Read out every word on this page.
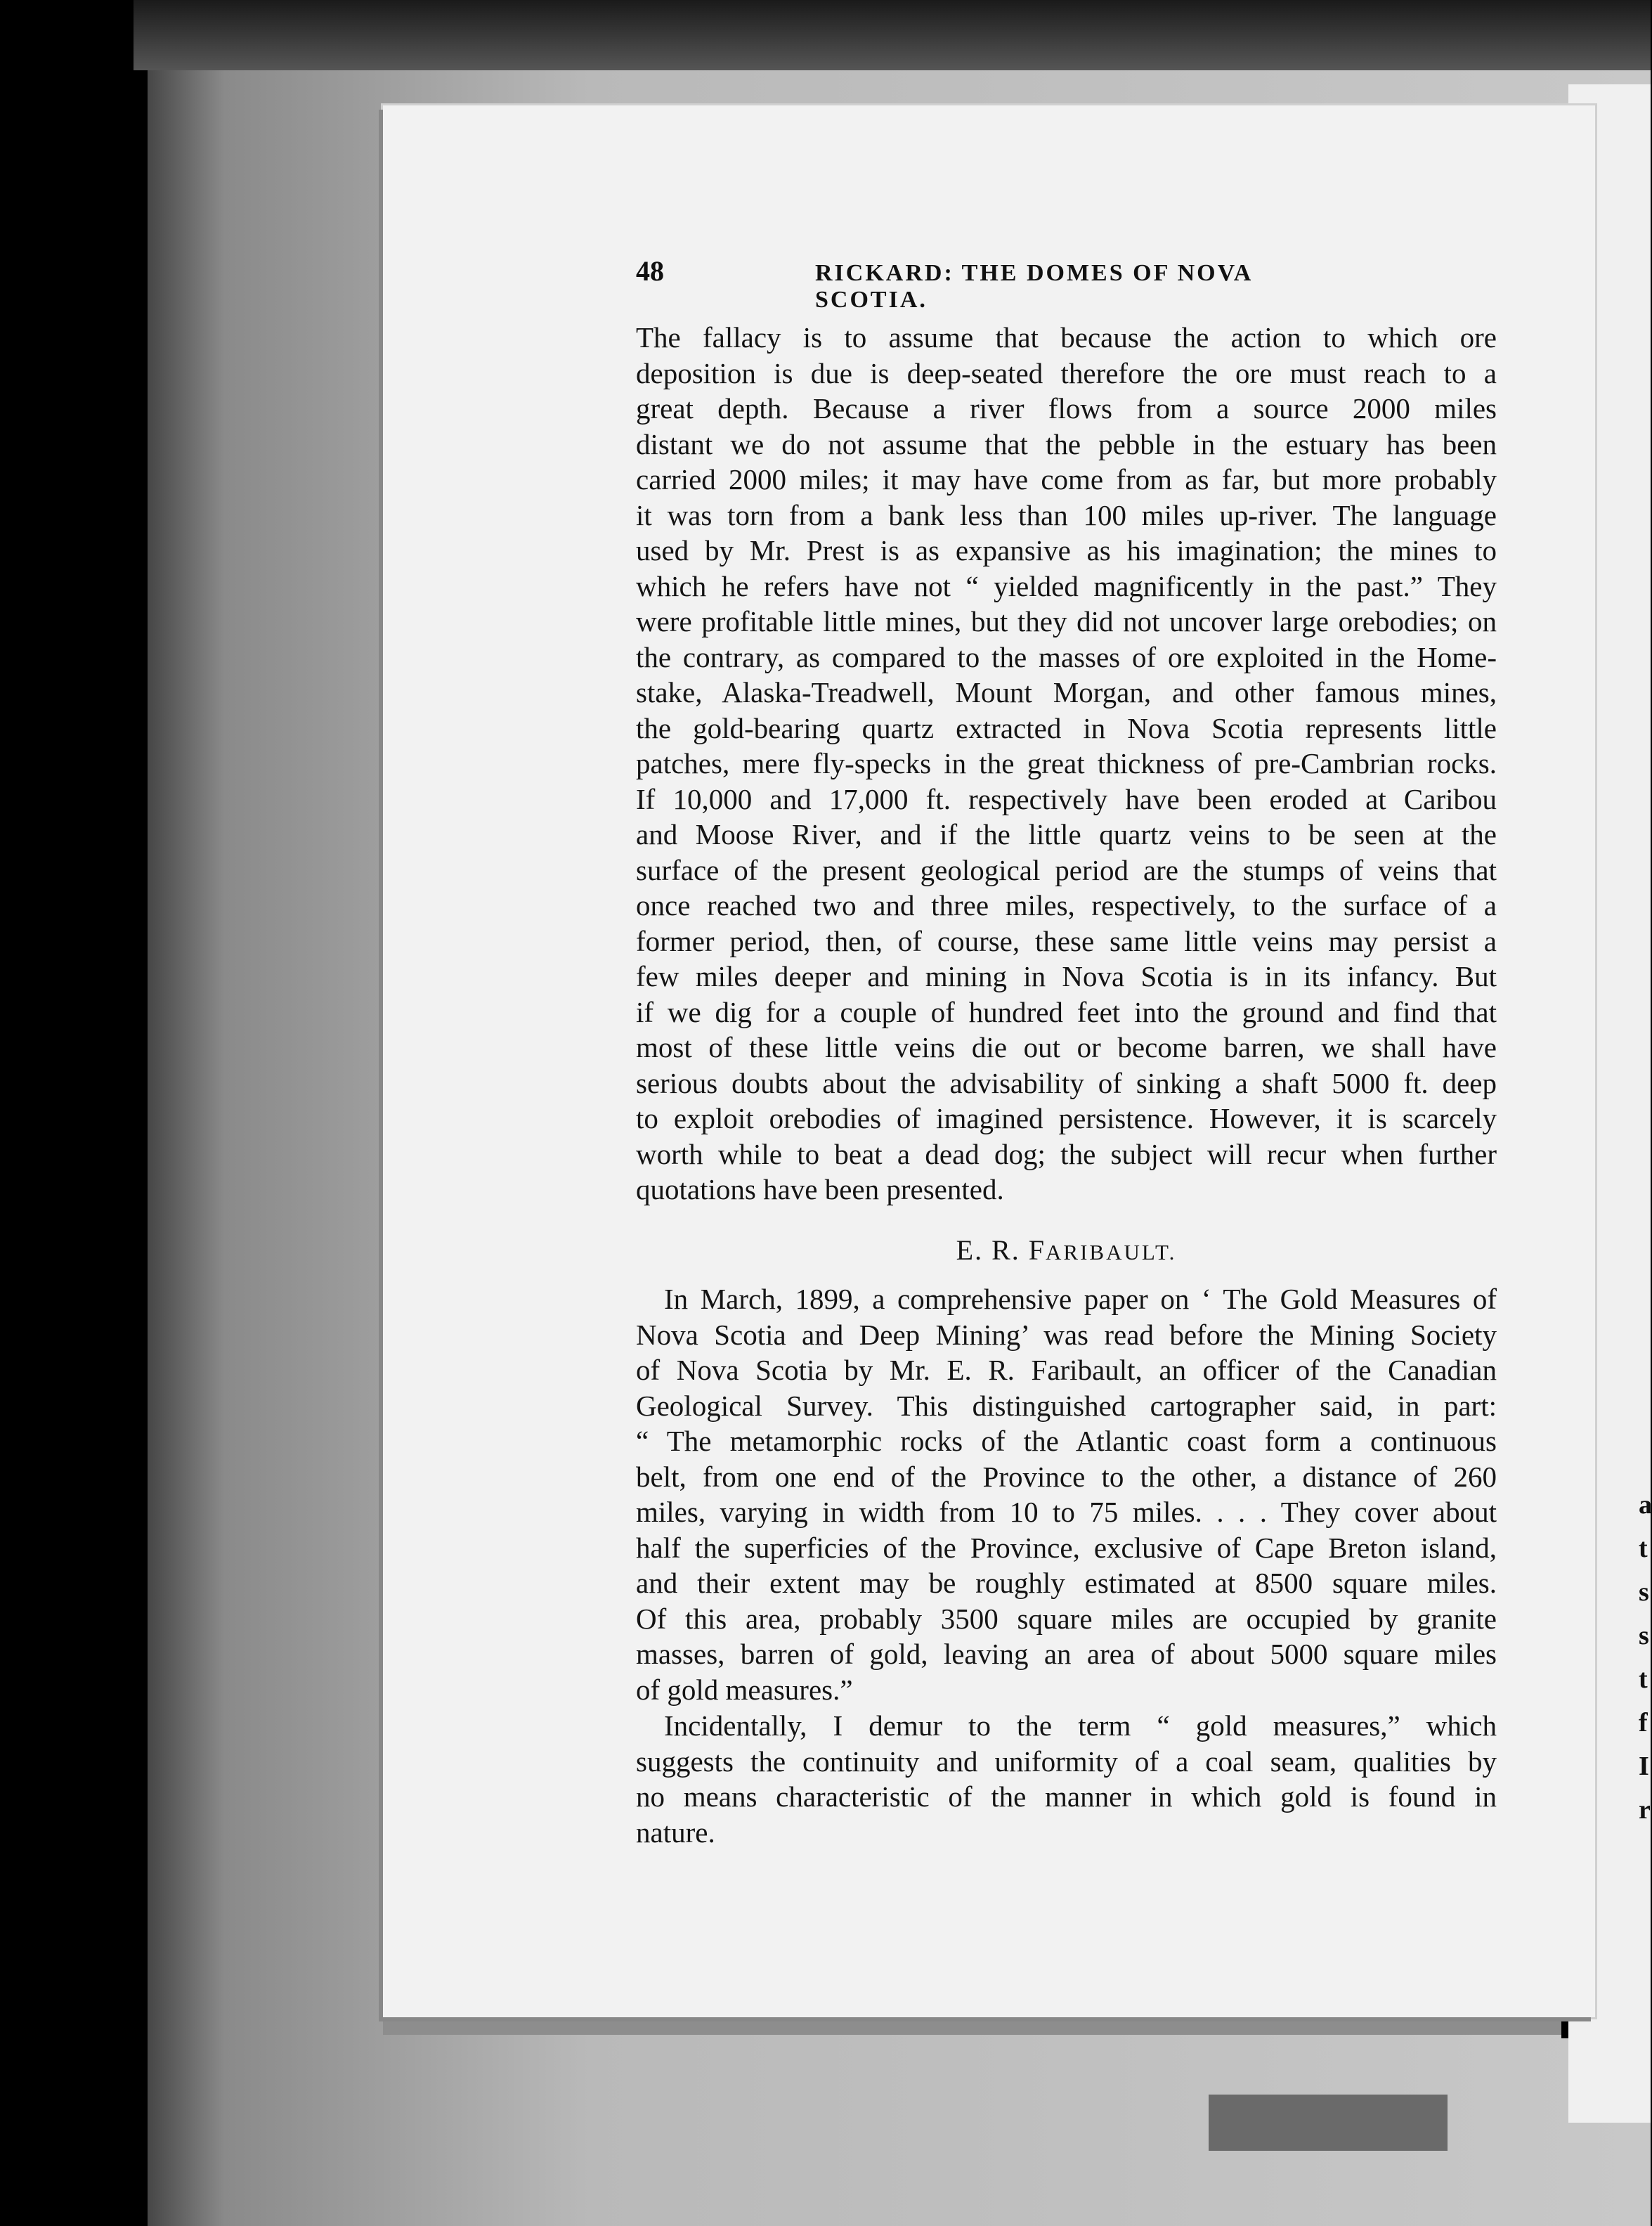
a
t
s
s
t
f
I
r
48	RICKARD: THE DOMES OF NOVA SCOTIA.
The fallacy is to assume that because the action to which ore
deposition is due is deep-seated therefore the ore must reach to a
great depth. Because a river flows from a source 2000 miles
distant we do not assume that the pebble in the estuary has been
carried 2000 miles; it may have come from as far, but more probably
it was torn from a bank less than 100 miles up-river. The language
used by Mr. Prest is as expansive as his imagination; the mines to
which he refers have not “ yielded magnificently in the past.” They
were profitable little mines, but they did not uncover large orebodies; on
the contrary, as compared to the masses of ore exploited in the Home-
stake, Alaska-Treadwell, Mount Morgan, and other famous mines,
the gold-bearing quartz extracted in Nova Scotia represents little
patches, mere fly-specks in the great thickness of pre-Cambrian rocks.
If 10,000 and 17,000 ft. respectively have been eroded at Caribou
and Moose River, and if the little quartz veins to be seen at the
surface of the present geological period are the stumps of veins that
once reached two and three miles, respectively, to the surface of a
former period, then, of course, these same little veins may persist a
few miles deeper and mining in Nova Scotia is in its infancy. But
if we dig for a couple of hundred feet into the ground and find that
most of these little veins die out or become barren, we shall have
serious doubts about the advisability of sinking a shaft 5000 ft. deep
to exploit orebodies of imagined persistence. However, it is scarcely
worth while to beat a dead dog; the subject will recur when further
quotations have been presented.
E. R. FARIBAULT.
In March, 1899, a comprehensive paper on ‘ The Gold Measures of
Nova Scotia and Deep Mining’ was read before the Mining Society
of Nova Scotia by Mr. E. R. Faribault, an officer of the Canadian
Geological Survey. This distinguished cartographer said, in part:
“ The metamorphic rocks of the Atlantic coast form a continuous
belt, from one end of the Province to the other, a distance of 260
miles, varying in width from 10 to 75 miles. . . . They cover about
half the superficies of the Province, exclusive of Cape Breton island,
and their extent may be roughly estimated at 8500 square miles.
Of this area, probably 3500 square miles are occupied by granite
masses, barren of gold, leaving an area of about 5000 square miles
of gold measures.”
Incidentally, I demur to the term “ gold measures,” which
suggests the continuity and uniformity of a coal seam, qualities by
no means characteristic of the manner in which gold is found in
nature.
